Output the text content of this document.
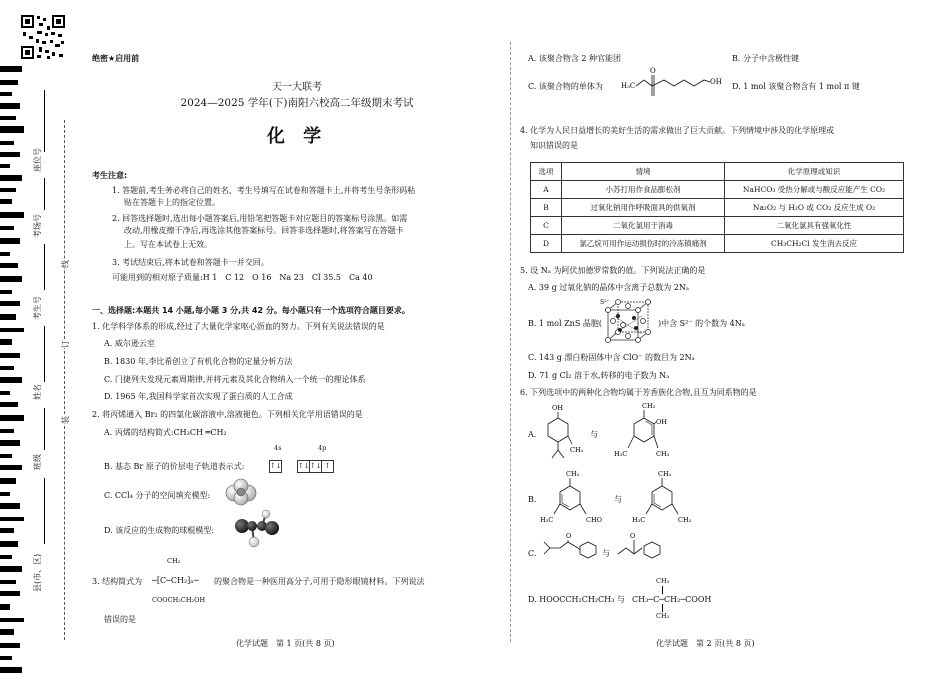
座位号
考场号
考生号
姓名
班级
县(市、区)
线
订
装
绝密★启用前
天一大联考
2024—2025 学年(下)南阳六校高二年级期末考试
化 学
考生注意:
1. 答题前,考生务必将自己的姓名、考生号填写在试卷和答题卡上,并将考生号条形码粘
贴在答题卡上的指定位置。
2. 回答选择题时,选出每小题答案后,用铅笔把答题卡对应题目的答案标号涂黑。如需
改动,用橡皮擦干净后,再选涂其他答案标号。回答非选择题时,将答案写在答题卡
上。写在本试卷上无效。
3. 考试结束后,将本试卷和答题卡一并交回。
可能用到的相对原子质量:H 1　C 12　O 16　Na 23　Cl 35.5　Ca 40
一、选择题:本题共 14 小题,每小题 3 分,共 42 分。每小题只有一个选项符合题目要求。
1. 化学科学体系的形成,经过了大量化学家呕心沥血的努力。下列有关说法错误的是
A. 威尔逊云室
B. 1830 年,李比希创立了有机化合物的定量分析方法
C. 门捷列夫发现元素周期律,并将元素及其化合物纳入一个统一的理论体系
D. 1965 年,我国科学家首次实现了蛋白质的人工合成
2. 将丙烯通入 Br₂ 的四氯化碳溶液中,溶液褪色。下列相关化学用语错误的是
A. 丙烯的结构简式:CH₃CH ═CH₂
B. 基态 Br 原子的价层电子轨道表示式:
4s	4p
↑↓ ↑↓↑↓ ↑
C. CCl₄ 分子的空间填充模型:
D. 该反应的生成物的球棍模型:
3. 结构简式为
CH₃
─[C─CH₂]ₙ─
COOCH₂CH₂OH
的聚合物是一种医用高分子,可用于隐形眼镜材料。下列说法
错误的是
化学试题　第 1 页(共 8 页)
A. 该聚合物含 2 种官能团	B. 分子中含极性键
C. 该聚合物的单体为	H₃C
O
OH D. 1 mol 该聚合物含有 1 mol π 键
4. 化学为人民日益增长的美好生活的需求做出了巨大贡献。下列情境中涉及的化学原理或
知识错误的是
选项	情境	化学原理或知识
A	小苏打用作食品膨松剂	NaHCO₃ 受热分解或与酸反应能产生 CO₂
B	过氧化钠用作呼吸面具的供氧剂	Na₂O₂ 与 H₂O 或 CO₂ 反应生成 O₂
C	二氧化氯用于消毒	二氧化氯具有强氧化性
D	氯乙烷可用作运动损伤时的冷冻镇痛剂	CH₃CH₂Cl 发生消去反应
5. 设 Nₐ 为阿伏加德罗常数的值。下列说法正确的是
A. 39 g 过氧化钠的晶体中含离子总数为 2Nₐ
B. 1 mol ZnS 晶胞(
S²⁻
)中含 S²⁻ 的个数为 4Nₐ
C. 143 g 漂白粉固体中含 ClO⁻ 的数目为 2Nₐ
D. 71 g Cl₂ 溶于水,转移的电子数为 Nₐ
6. 下列选项中的两种化合物均属于芳香族化合物,且互为同系物的是
A.
OH
CH₃
与
CH₃
OH
CH₃
H₃C
B.
CH₃
H₃C	CHO
与
CH₃
H₃C	CH₃
C.
O
与
O
D. HOOCCH₂CH₂CH₃ 与
CH₃
CH₃─C─CH₂─COOH
CH₃
化学试题　第 2 页(共 8 页)
